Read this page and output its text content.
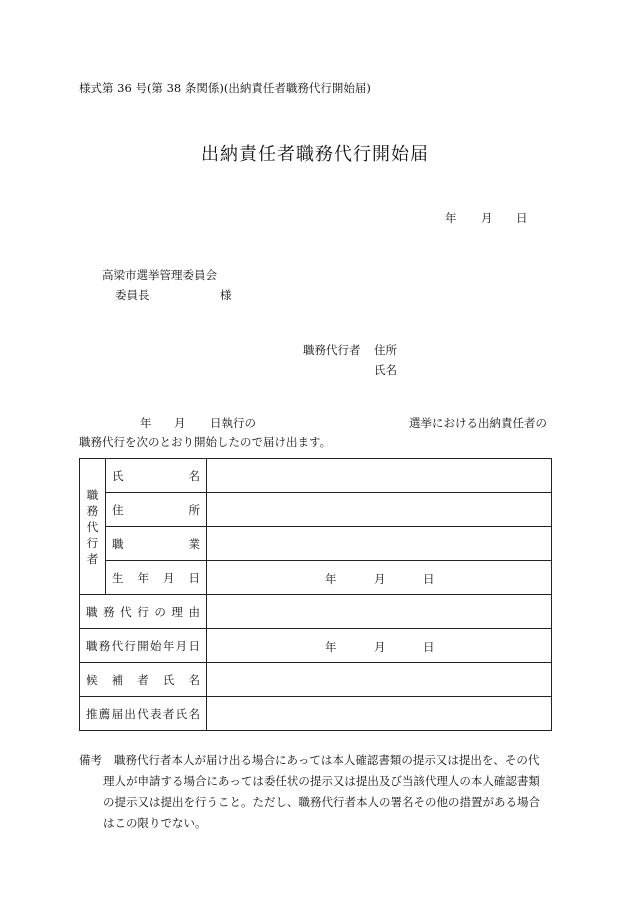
様式第 36 号(第 38 条関係)(出納責任者職務代行開始届)
出納責任者職務代行開始届
年 月 日
高梁市選挙管理委員会
委員長	様
職務代行者 住所
氏名
年 月 日執行の	選挙における出納責任者の
職務代行を次のとおり開始したので届け出ます。
職
務
代
行
者	氏 名	
	住 所	
	職 業	
	生 年 月 日	年 月 日

職 務 代 行 の 理 由		
職務代行開始年月日		年 月 日

候 補 者 氏 名		
推薦届出代表者氏名		
備考 職務代行者本人が届け出る場合にあっては本人確認書類の提示又は提出を、その代
理人が申請する場合にあっては委任状の提示又は提出及び当該代理人の本人確認書類
の提示又は提出を行うこと。ただし、職務代行者本人の署名その他の措置がある場合
はこの限りでない。
